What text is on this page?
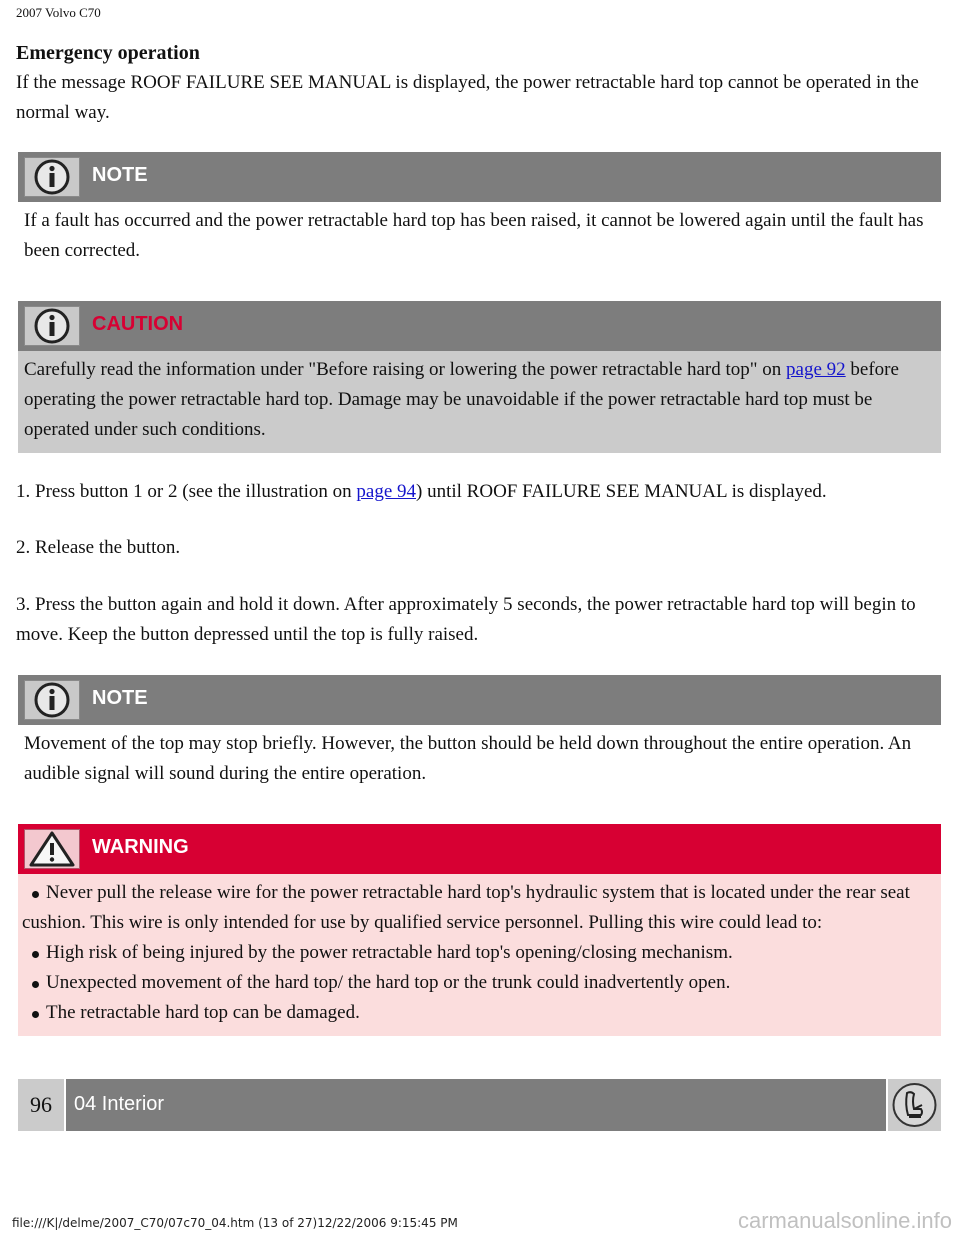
2007 Volvo C70
Emergency operation
If the message ROOF FAILURE SEE MANUAL is displayed, the power retractable hard top cannot be operated in the normal way.
NOTE
If a fault has occurred and the power retractable hard top has been raised, it cannot be lowered again until the fault has been corrected.
CAUTION
Carefully read the information under "Before raising or lowering the power retractable hard top" on page 92 before operating the power retractable hard top. Damage may be unavoidable if the power retractable hard top must be operated under such conditions.
1. Press button 1 or 2 (see the illustration on page 94) until ROOF FAILURE SEE MANUAL is displayed.
2. Release the button.
3. Press the button again and hold it down. After approximately 5 seconds, the power retractable hard top will begin to move. Keep the button depressed until the top is fully raised.
NOTE
Movement of the top may stop briefly. However, the button should be held down throughout the entire operation. An audible signal will sound during the entire operation.
WARNING
Never pull the release wire for the power retractable hard top's hydraulic system that is located under the rear seat cushion. This wire is only intended for use by qualified service personnel. Pulling this wire could lead to:
High risk of being injured by the power retractable hard top's opening/closing mechanism.
Unexpected movement of the hard top/ the hard top or the trunk could inadvertently open.
The retractable hard top can be damaged.
96	04 Interior
file:///K|/delme/2007_C70/07c70_04.htm (13 of 27)12/22/2006 9:15:45 PM	carmanualsonline.info
